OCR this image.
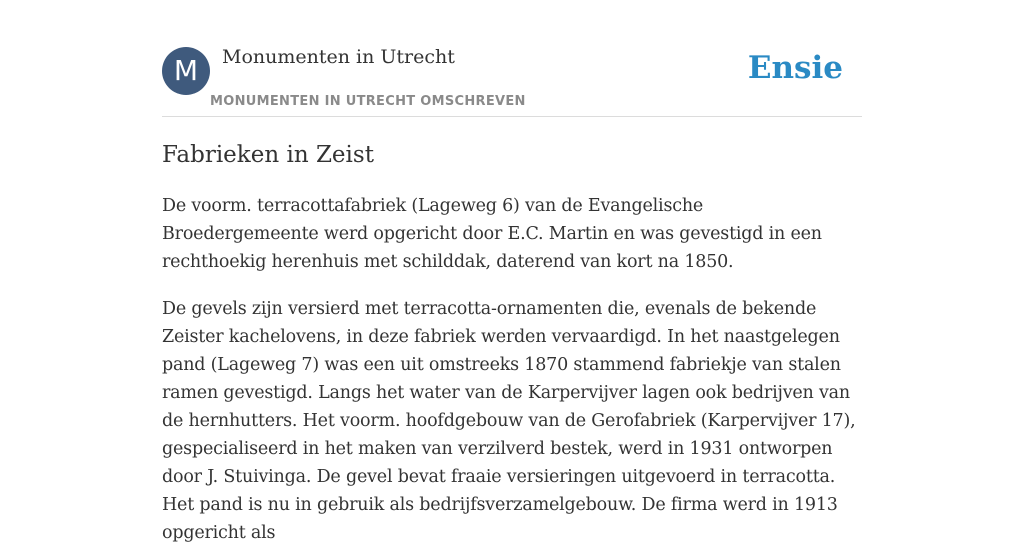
M	Monumenten in Utrecht
MONUMENTEN IN UTRECHT OMSCHREVEN
Ensie
Fabrieken in Zeist

De voorm. terracottafabriek (Lageweg 6) van de Evangelische Broedergemeente werd opgericht door E.C. Martin en was gevestigd in een rechthoekig herenhuis met schilddak, daterend van kort na 1850.

De gevels zijn versierd met terracotta-ornamenten die, evenals de bekende Zeister kachelovens, in deze fabriek werden vervaardigd. In het naastgelegen pand (Lageweg 7) was een uit omstreeks 1870 stammend fabriekje van stalen ramen gevestigd. Langs het water van de Karpervijver lagen ook bedrijven van de hernhutters. Het voorm. hoofdgebouw van de Gerofabriek (Karpervijver 17), gespecialiseerd in het maken van verzilverd bestek, werd in 1931 ontworpen door J. Stuivinga. De gevel bevat fraaie versieringen uitgevoerd in terracotta. Het pand is nu in gebruik als bedrijfsverzamelgebouw. De firma werd in 1913 opgericht als
